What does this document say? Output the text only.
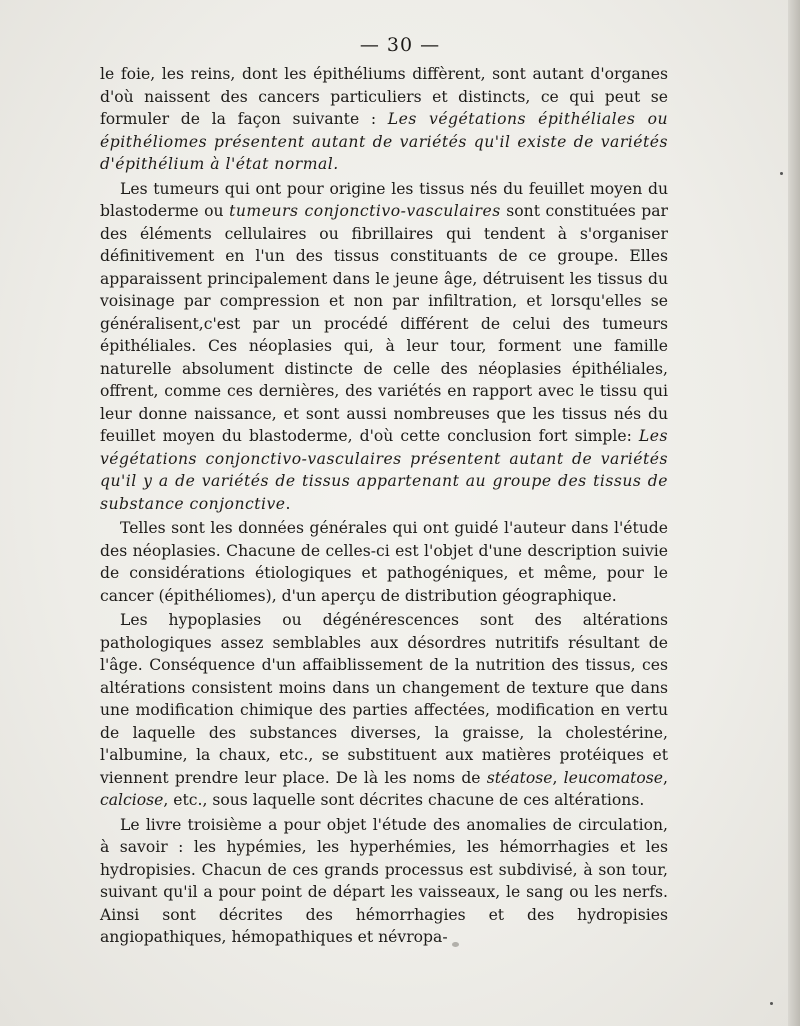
— 30 —

le foie, les reins, dont les épithéliums diffèrent, sont autant d'organes d'où naissent des cancers particuliers et distincts, ce qui peut se formuler de la façon suivante : Les végétations épithéliales ou épithéliomes présentent autant de variétés qu'il existe de variétés d'épithélium à l'état normal.

Les tumeurs qui ont pour origine les tissus nés du feuillet moyen du blastoderme ou tumeurs conjonctivo-vasculaires sont constituées par des éléments cellulaires ou fibrillaires qui tendent à s'organiser définitivement en l'un des tissus constituants de ce groupe. Elles apparaissent principalement dans le jeune âge, détruisent les tissus du voisinage par compression et non par infiltration, et lorsqu'elles se généralisent,c'est par un procédé différent de celui des tumeurs épithéliales. Ces néoplasies qui, à leur tour, forment une famille naturelle absolument distincte de celle des néoplasies épithéliales, offrent, comme ces dernières, des variétés en rapport avec le tissu qui leur donne naissance, et sont aussi nombreuses que les tissus nés du feuillet moyen du blastoderme, d'où cette conclusion fort simple: Les végétations conjonctivo-vasculaires présentent autant de variétés qu'il y a de variétés de tissus appartenant au groupe des tissus de substance conjonctive.

Telles sont les données générales qui ont guidé l'auteur dans l'étude des néoplasies. Chacune de celles-ci est l'objet d'une description suivie de considérations étiologiques et pathogéniques, et même, pour le cancer (épithéliomes), d'un aperçu de distribution géographique.

Les hypoplasies ou dégénérescences sont des altérations pathologiques assez semblables aux désordres nutritifs résultant de l'âge. Conséquence d'un affaiblissement de la nutrition des tissus, ces altérations consistent moins dans un changement de texture que dans une modification chimique des parties affectées, modification en vertu de laquelle des substances diverses, la graisse, la cholestérine, l'albumine, la chaux, etc., se substituent aux matières protéiques et viennent prendre leur place. De là les noms de stéatose, leucomatose, calciose, etc., sous laquelle sont décrites chacune de ces altérations.

Le livre troisième a pour objet l'étude des anomalies de circulation, à savoir : les hypémies, les hyperhémies, les hémorrhagies et les hydropisies. Chacun de ces grands processus est subdivisé, à son tour, suivant qu'il a pour point de départ les vaisseaux, le sang ou les nerfs. Ainsi sont décrites des hémorrhagies et des hydropisies angiopathiques, hémopathiques et névropa-
